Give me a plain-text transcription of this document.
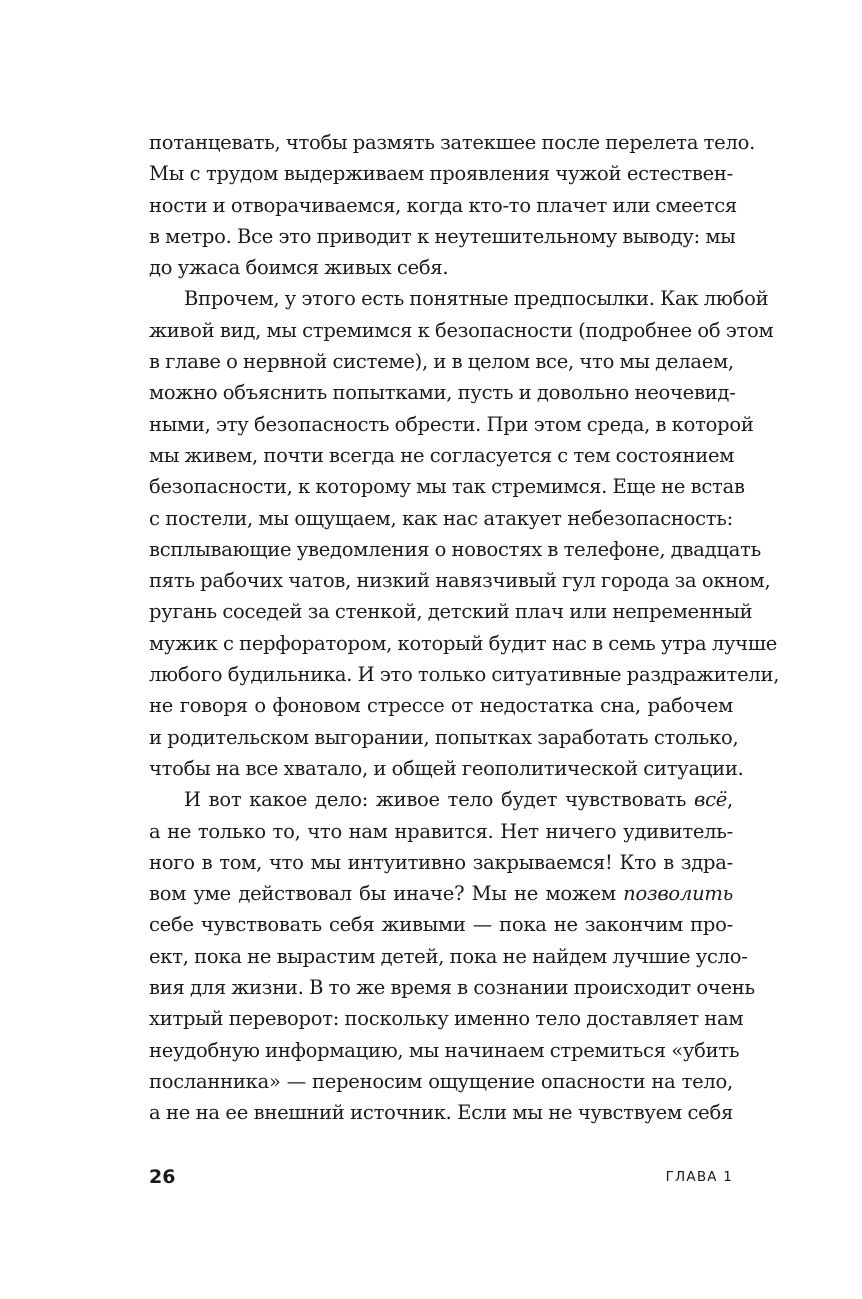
потанцевать, чтобы размять затекшее после перелета тело.
Мы с трудом выдерживаем проявления чужой естествен-
ности и отворачиваемся, когда кто-то плачет или смеется
в метро. Все это приводит к неутешительному выводу: мы
до ужаса боимся живых себя.
Впрочем, у этого есть понятные предпосылки. Как любой
живой вид, мы стремимся к безопасности (подробнее об этом
в главе о нервной системе), и в целом все, что мы делаем,
можно объяснить попытками, пусть и довольно неочевид-
ными, эту безопасность обрести. При этом среда, в которой
мы живем, почти всегда не согласуется с тем состоянием
безопасности, к которому мы так стремимся. Еще не встав
с постели, мы ощущаем, как нас атакует небезопасность:
всплывающие уведомления о новостях в телефоне, двадцать
пять рабочих чатов, низкий навязчивый гул города за окном,
ругань соседей за стенкой, детский плач или непременный
мужик с перфоратором, который будит нас в семь утра лучше
любого будильника. И это только ситуативные раздражители,
не говоря о фоновом стрессе от недостатка сна, рабочем
и родительском выгорании, попытках заработать столько,
чтобы на все хватало, и общей геополитической ситуации.
И вот какое дело: живое тело будет чувствовать всё,
а не только то, что нам нравится. Нет ничего удивитель-
ного в том, что мы интуитивно закрываемся! Кто в здра-
вом уме действовал бы иначе? Мы не можем позволить
себе чувствовать себя живыми — пока не закончим про-
ект, пока не вырастим детей, пока не найдем лучшие усло-
вия для жизни. В то же время в сознании происходит очень
хитрый переворот: поскольку именно тело доставляет нам
неудобную информацию, мы начинаем стремиться «убить
посланника» — переносим ощущение опасности на тело,
а не на ее внешний источник. Если мы не чувствуем себя
26	ГЛАВА 1
